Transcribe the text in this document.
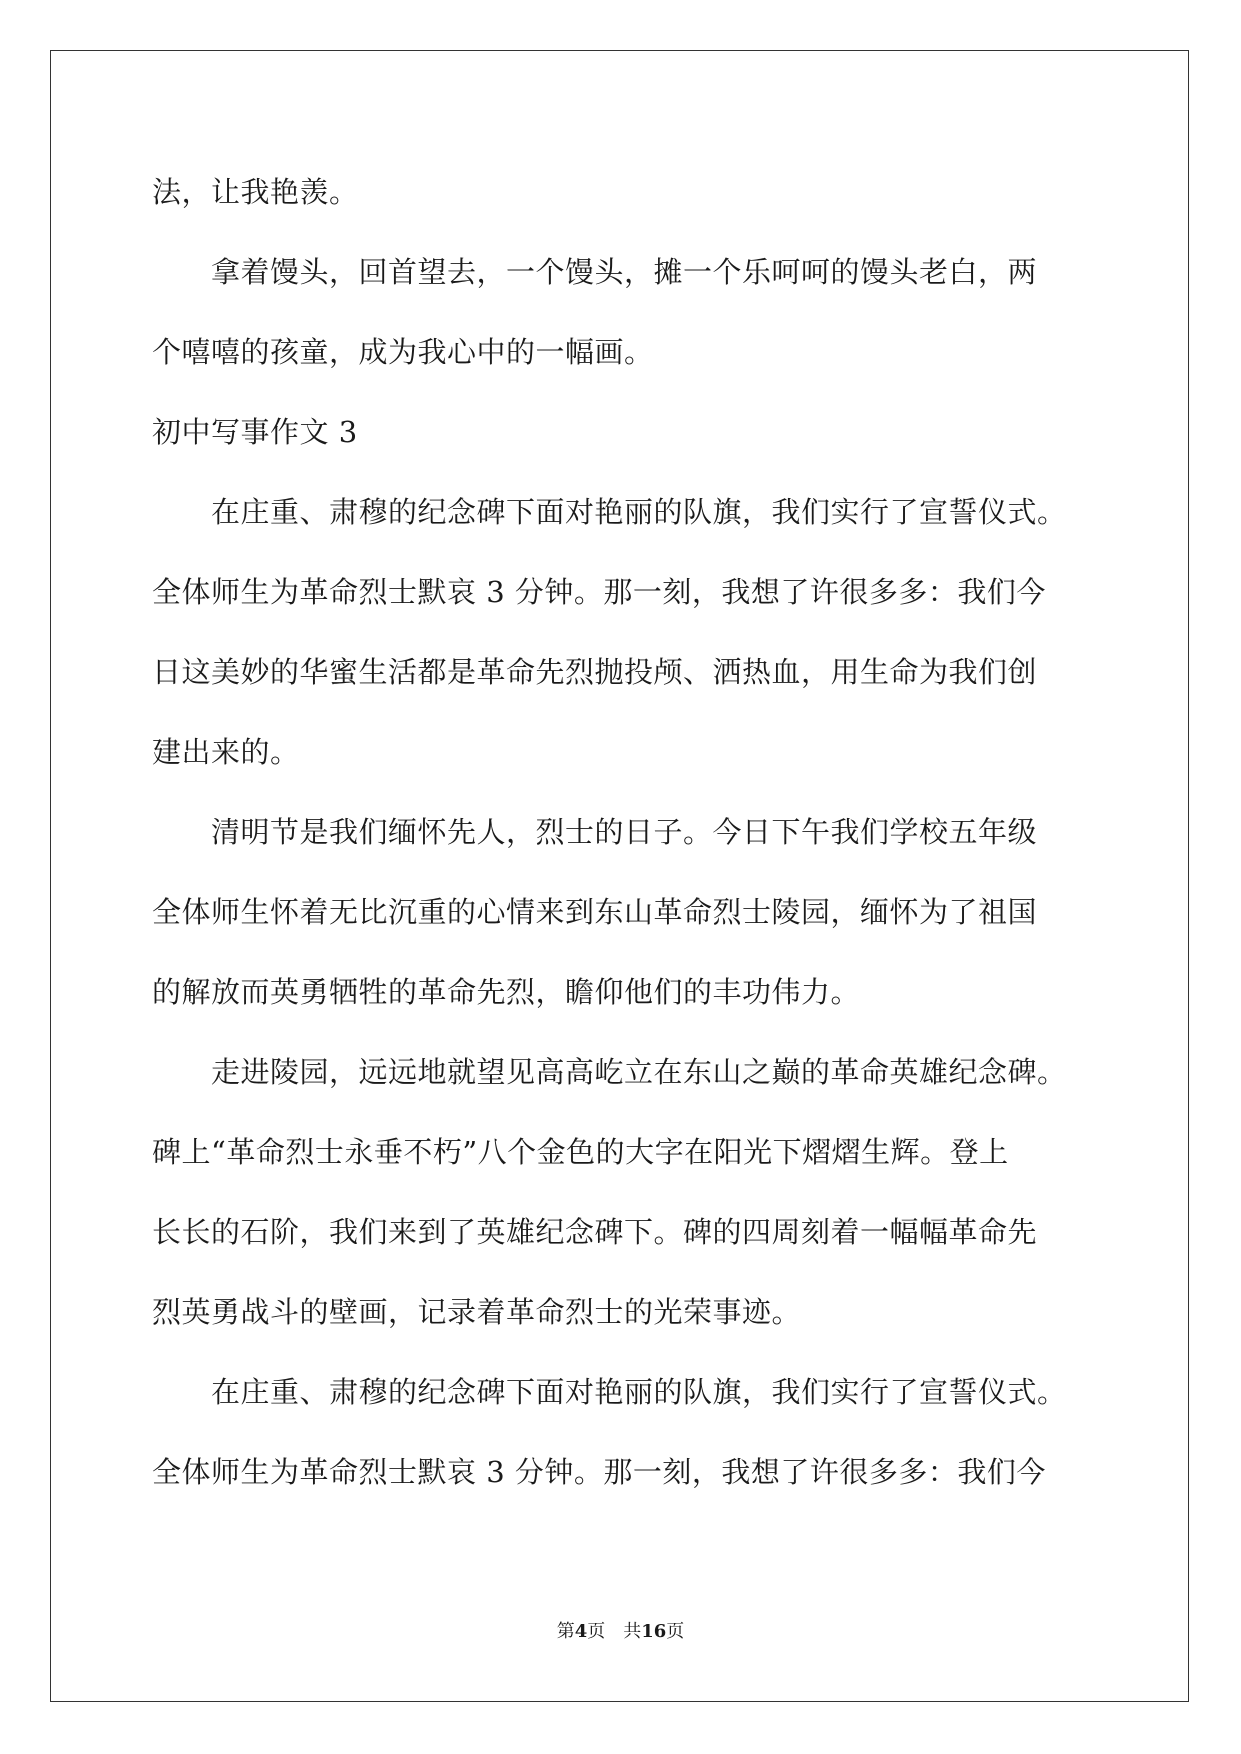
法，让我艳羡。
　　拿着馒头，回首望去，一个馒头，摊一个乐呵呵的馒头老白，两
个嘻嘻的孩童，成为我心中的一幅画。
初中写事作文 3
　　在庄重、肃穆的纪念碑下面对艳丽的队旗，我们实行了宣誓仪式。
全体师生为革命烈士默哀 3 分钟。那一刻，我想了许很多多：我们今
日这美妙的华蜜生活都是革命先烈抛投颅、洒热血，用生命为我们创
建出来的。
　　清明节是我们缅怀先人，烈士的日子。今日下午我们学校五年级
全体师生怀着无比沉重的心情来到东山革命烈士陵园，缅怀为了祖国
的解放而英勇牺牲的革命先烈，瞻仰他们的丰功伟力。
　　走进陵园，远远地就望见高高屹立在东山之巅的革命英雄纪念碑。
碑上“革命烈士永垂不朽”八个金色的大字在阳光下熠熠生辉。登上
长长的石阶，我们来到了英雄纪念碑下。碑的四周刻着一幅幅革命先
烈英勇战斗的壁画，记录着革命烈士的光荣事迹。
　　在庄重、肃穆的纪念碑下面对艳丽的队旗，我们实行了宣誓仪式。
全体师生为革命烈士默哀 3 分钟。那一刻，我想了许很多多：我们今
第4页 共16页
